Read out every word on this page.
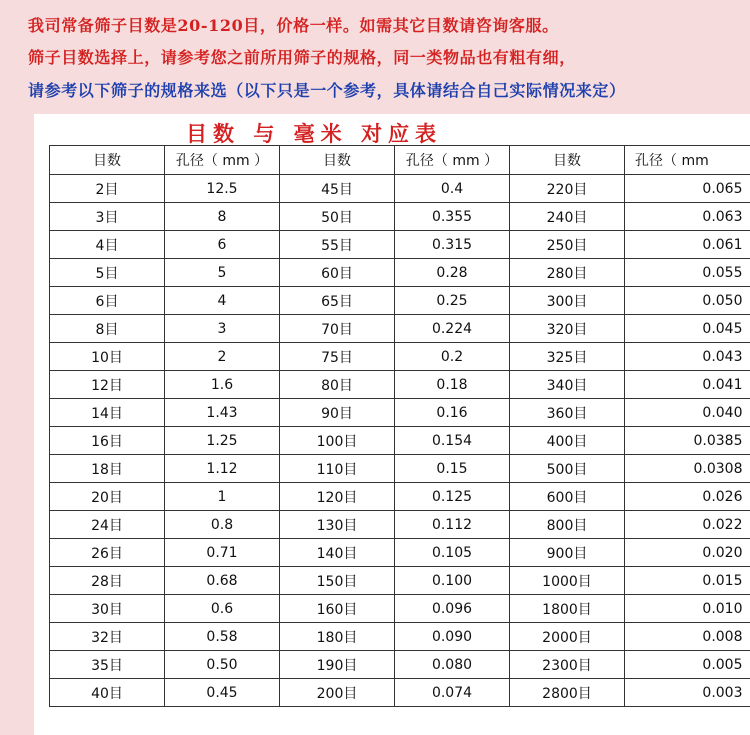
我司常备筛子目数是20-120目，价格一样。如需其它目数请咨询客服。
筛子目数选择上，请参考您之前所用筛子的规格，同一类物品也有粗有细，
请参考以下筛子的规格来选（以下只是一个参考，具体请结合自己实际情况来定）
目数 与 毫米 对应表
目数	孔径（ mm ）	目数	孔径（ mm ）	目数	孔径（ mm
2目	12.5	45目	0.4	220目	0.065
3目	8	50目	0.355	240目	0.063
4目	6	55目	0.315	250目	0.061
5目	5	60目	0.28	280目	0.055
6目	4	65目	0.25	300目	0.050
8目	3	70目	0.224	320目	0.045
10目	2	75目	0.2	325目	0.043
12目	1.6	80目	0.18	340目	0.041
14目	1.43	90目	0.16	360目	0.040
16目	1.25	100目	0.154	400目	0.0385
18目	1.12	110目	0.15	500目	0.0308
20目	1	120目	0.125	600目	0.026
24目	0.8	130目	0.112	800目	0.022
26目	0.71	140目	0.105	900目	0.020
28目	0.68	150目	0.100	1000目	0.015
30目	0.6	160目	0.096	1800目	0.010
32目	0.58	180目	0.090	2000目	0.008
35目	0.50	190目	0.080	2300目	0.005
40目	0.45	200目	0.074	2800目	0.003
